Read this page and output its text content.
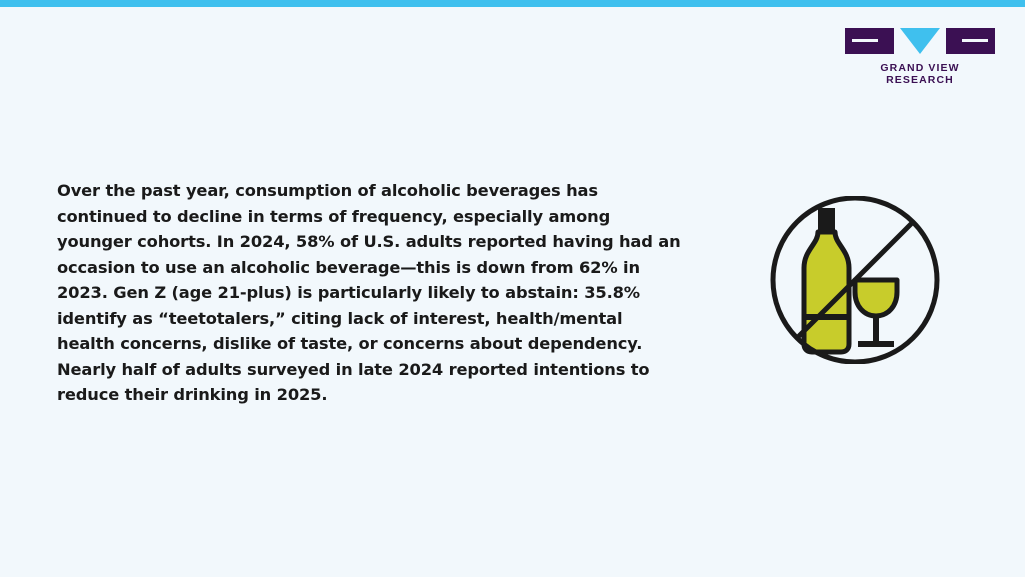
GRAND VIEW RESEARCH
Over the past year, consumption of alcoholic beverages has continued to decline in terms of frequency, especially among younger cohorts. In 2024, 58% of U.S. adults reported having had an occasion to use an alcoholic beverage—this is down from 62% in 2023. Gen Z (age 21-plus) is particularly likely to abstain: 35.8% identify as “teetotalers,” citing lack of interest, health/mental health concerns, dislike of taste, or concerns about dependency. Nearly half of adults surveyed in late 2024 reported intentions to reduce their drinking in 2025.
